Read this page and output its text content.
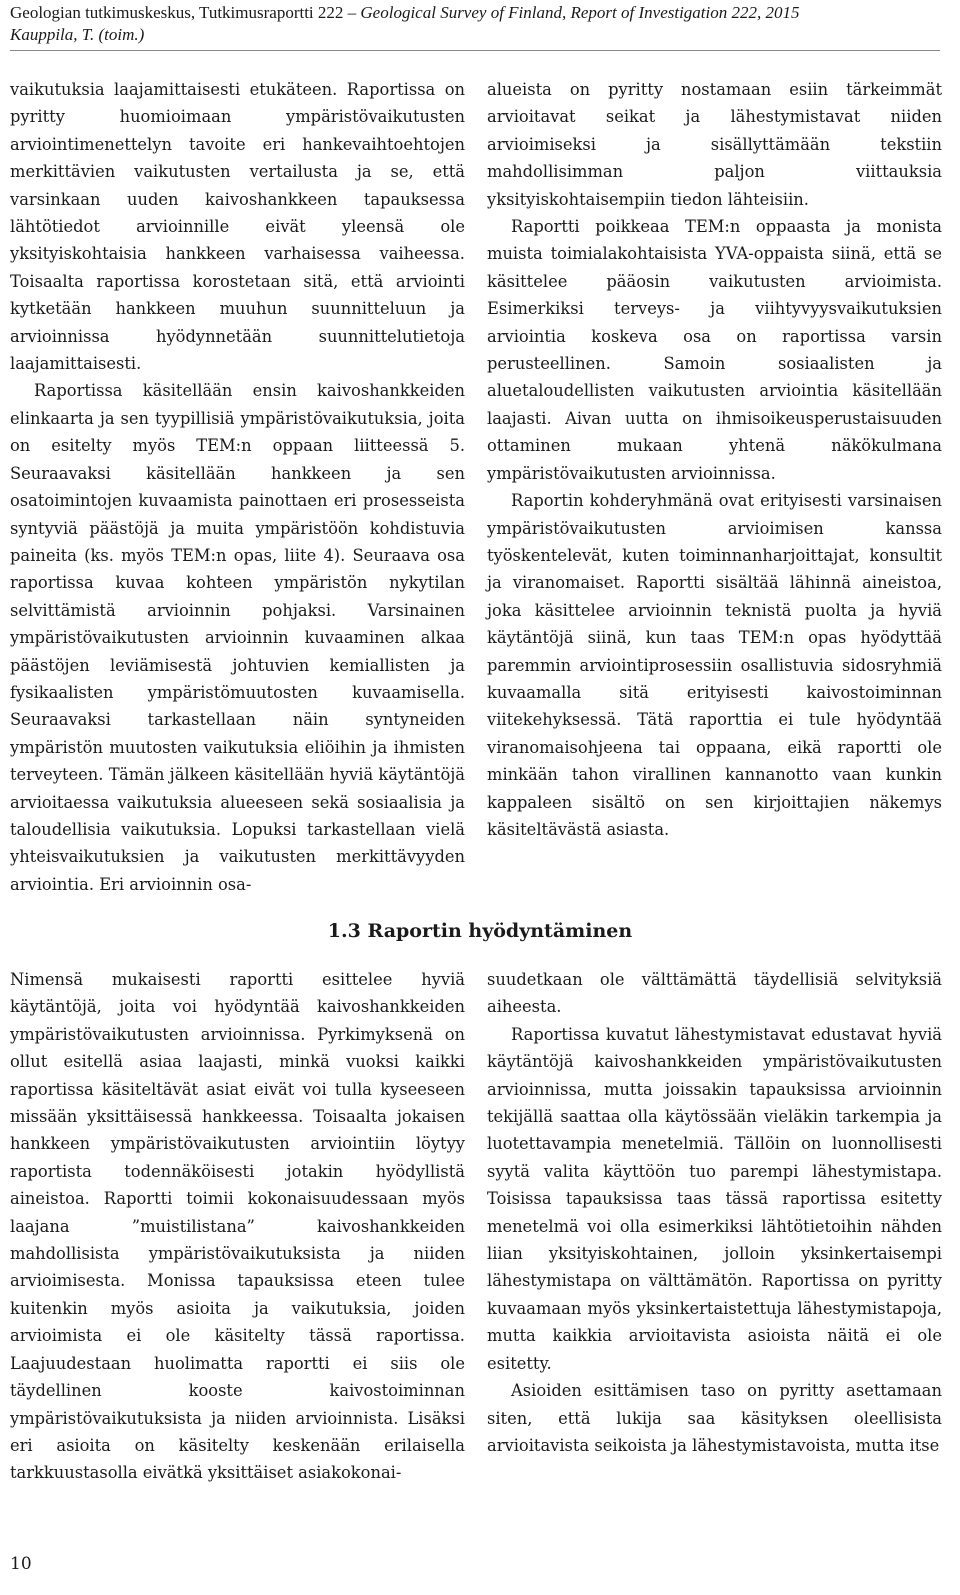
Geologian tutkimuskeskus, Tutkimusraportti 222 – Geological Survey of Finland, Report of Investigation 222, 2015
Kauppila, T. (toim.)

vaikutuksia laajamittaisesti etukäteen. Raportissa on pyritty huomioimaan ympäristövaikutusten arviointimenettelyn tavoite eri hankevaihtoehtojen merkittävien vaikutusten vertailusta ja se, että varsinkaan uuden kaivoshankkeen tapauksessa lähtötiedot arvioinnille eivät yleensä ole yksityiskohtaisia hankkeen varhaisessa vaiheessa. Toisaalta raportissa korostetaan sitä, että arviointi kytketään hankkeen muuhun suunnitteluun ja arvioinnissa hyödynnetään suunnittelutietoja laajamittaisesti.

Raportissa käsitellään ensin kaivoshankkeiden elinkaarta ja sen tyypillisiä ympäristövaikutuksia, joita on esitelty myös TEM:n oppaan liitteessä 5. Seuraavaksi käsitellään hankkeen ja sen osatoimintojen kuvaamista painottaen eri prosesseista syntyviä päästöjä ja muita ympäristöön kohdistuvia paineita (ks. myös TEM:n opas, liite 4). Seuraava osa raportissa kuvaa kohteen ympäristön nykytilan selvittämistä arvioinnin pohjaksi. Varsinainen ympäristövaikutusten arvioinnin kuvaaminen alkaa päästöjen leviämisestä johtuvien kemiallisten ja fysikaalisten ympäristömuutosten kuvaamisella. Seuraavaksi tarkastellaan näin syntyneiden ympäristön muutosten vaikutuksia eliöihin ja ihmisten terveyteen. Tämän jälkeen käsitellään hyviä käytäntöjä arvioitaessa vaikutuksia alueeseen sekä sosiaalisia ja taloudellisia vaikutuksia. Lopuksi tarkastellaan vielä yhteisvaikutuksien ja vaikutusten merkittävyyden arviointia. Eri arvioinnin osa-

alueista on pyritty nostamaan esiin tärkeimmät arvioitavat seikat ja lähestymistavat niiden arvioimiseksi ja sisällyttämään tekstiin mahdollisimman paljon viittauksia yksityiskohtaisempiin tiedon lähteisiin.

Raportti poikkeaa TEM:n oppaasta ja monista muista toimialakohtaisista YVA-oppaista siinä, että se käsittelee pääosin vaikutusten arvioimista. Esimerkiksi terveys- ja viihtyvyysvaikutuksien arviointia koskeva osa on raportissa varsin perusteellinen. Samoin sosiaalisten ja aluetaloudellisten vaikutusten arviointia käsitellään laajasti. Aivan uutta on ihmisoikeusperustaisuuden ottaminen mukaan yhtenä näkökulmana ympäristövaikutusten arvioinnissa.

Raportin kohderyhmänä ovat erityisesti varsinaisen ympäristövaikutusten arvioimisen kanssa työskentelevät, kuten toiminnanharjoittajat, konsultit ja viranomaiset. Raportti sisältää lähinnä aineistoa, joka käsittelee arvioinnin teknistä puolta ja hyviä käytäntöjä siinä, kun taas TEM:n opas hyödyttää paremmin arviointiprosessiin osallistuvia sidosryhmiä kuvaamalla sitä erityisesti kaivostoiminnan viitekehyksessä. Tätä raporttia ei tule hyödyntää viranomaisohjeena tai oppaana, eikä raportti ole minkään tahon virallinen kannanotto vaan kunkin kappaleen sisältö on sen kirjoittajien näkemys käsiteltävästä asiasta.

1.3 Raportin hyödyntäminen

Nimensä mukaisesti raportti esittelee hyviä käytäntöjä, joita voi hyödyntää kaivoshankkeiden ympäristövaikutusten arvioinnissa. Pyrkimyksenä on ollut esitellä asiaa laajasti, minkä vuoksi kaikki raportissa käsiteltävät asiat eivät voi tulla kyseeseen missään yksittäisessä hankkeessa. Toisaalta jokaisen hankkeen ympäristövaikutusten arviointiin löytyy raportista todennäköisesti jotakin hyödyllistä aineistoa. Raportti toimii kokonaisuudessaan myös laajana ”muistilistana” kaivoshankkeiden mahdollisista ympäristövaikutuksista ja niiden arvioimisesta. Monissa tapauksissa eteen tulee kuitenkin myös asioita ja vaikutuksia, joiden arvioimista ei ole käsitelty tässä raportissa. Laajuudestaan huolimatta raportti ei siis ole täydellinen kooste kaivostoiminnan ympäristövaikutuksista ja niiden arvioinnista. Lisäksi eri asioita on käsitelty keskenään erilaisella tarkkuustasolla eivätkä yksittäiset asiakokonai-

suudetkaan ole välttämättä täydellisiä selvityksiä aiheesta.

Raportissa kuvatut lähestymistavat edustavat hyviä käytäntöjä kaivoshankkeiden ympäristövaikutusten arvioinnissa, mutta joissakin tapauksissa arvioinnin tekijällä saattaa olla käytössään vieläkin tarkempia ja luotettavampia menetelmiä. Tällöin on luonnollisesti syytä valita käyttöön tuo parempi lähestymistapa. Toisissa tapauksissa taas tässä raportissa esitetty menetelmä voi olla esimerkiksi lähtötietoihin nähden liian yksityiskohtainen, jolloin yksinkertaisempi lähestymistapa on välttämätön. Raportissa on pyritty kuvaamaan myös yksinkertaistettuja lähestymistapoja, mutta kaikkia arvioitavista asioista näitä ei ole esitetty.

Asioiden esittämisen taso on pyritty asettamaan siten, että lukija saa käsityksen oleellisista arvioitavista seikoista ja lähestymistavoista, mutta itse

10
